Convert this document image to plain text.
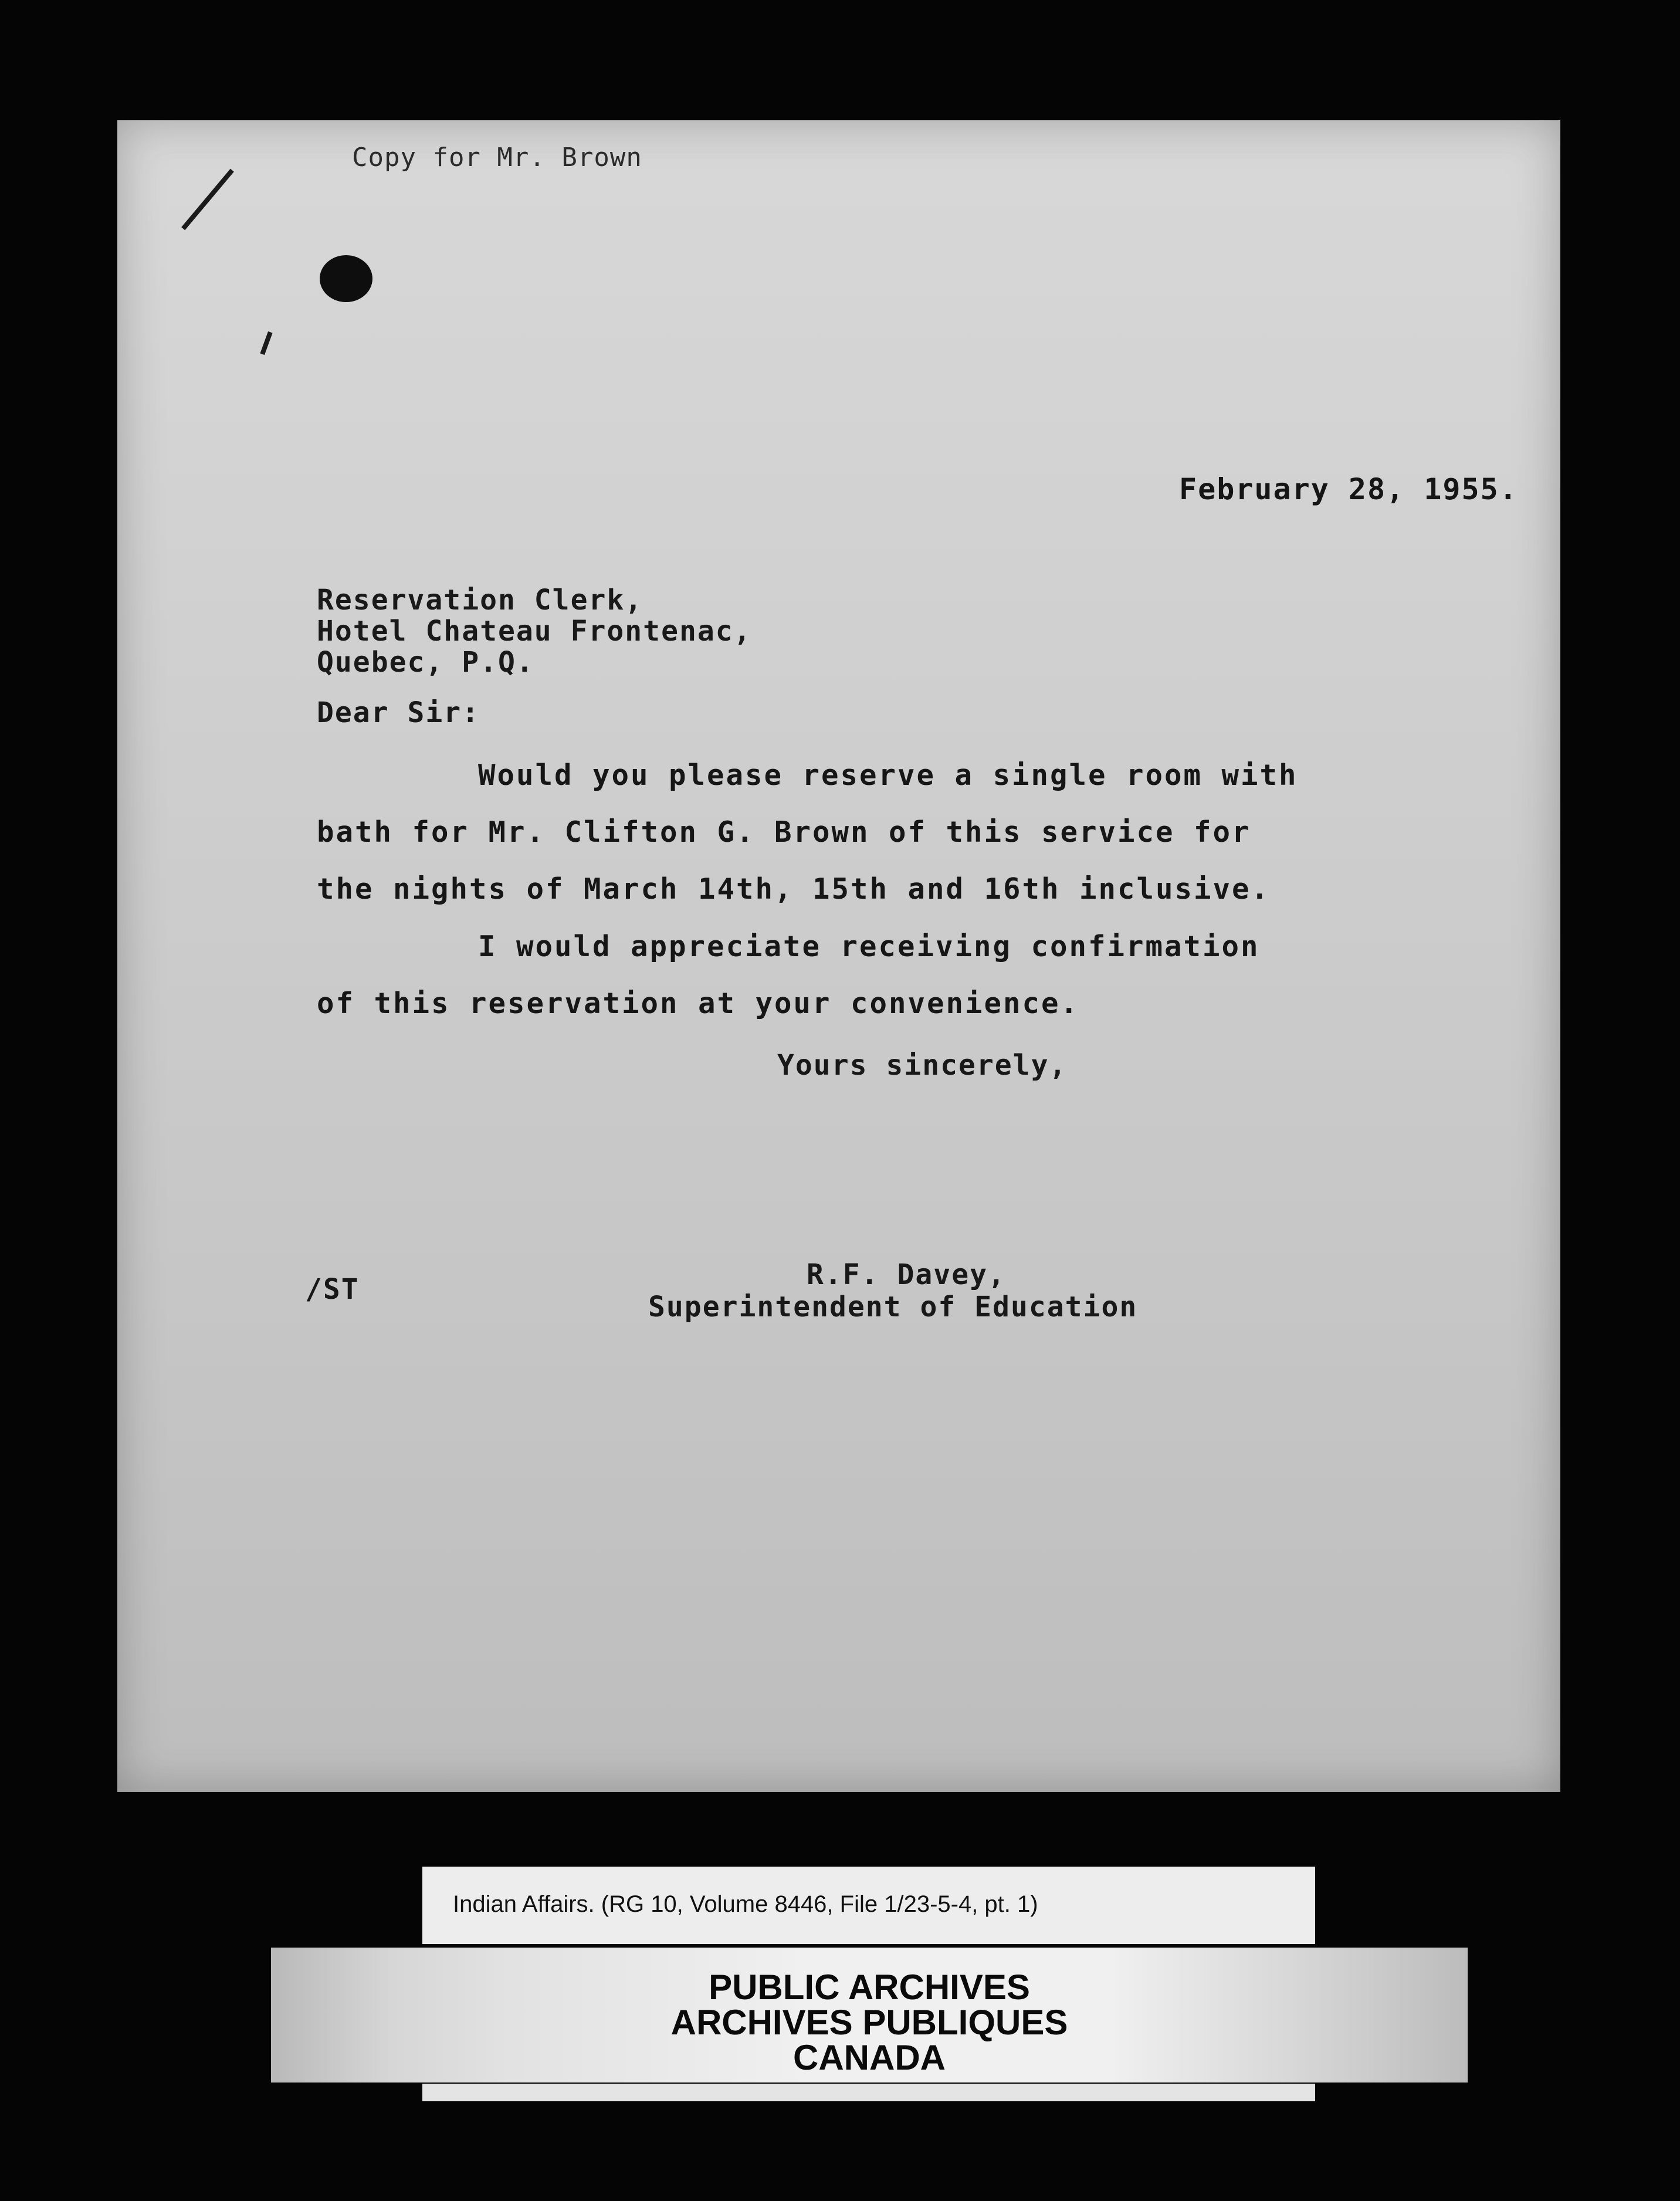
Copy for Mr. Brown
February 28, 1955.
Reservation Clerk,
Hotel Chateau Frontenac,
Quebec, P.Q.
Dear Sir:
Would you please reserve a single room with
bath for Mr. Clifton G. Brown of this service for
the nights of March 14th, 15th and 16th inclusive.
I would appreciate receiving confirmation
of this reservation at your convenience.
Yours sincerely,
/ST	R.F. Davey,
Superintendent of Education
Indian Affairs. (RG 10, Volume 8446, File 1/23-5-4, pt. 1)
PUBLIC ARCHIVES
ARCHIVES PUBLIQUES
CANADA
